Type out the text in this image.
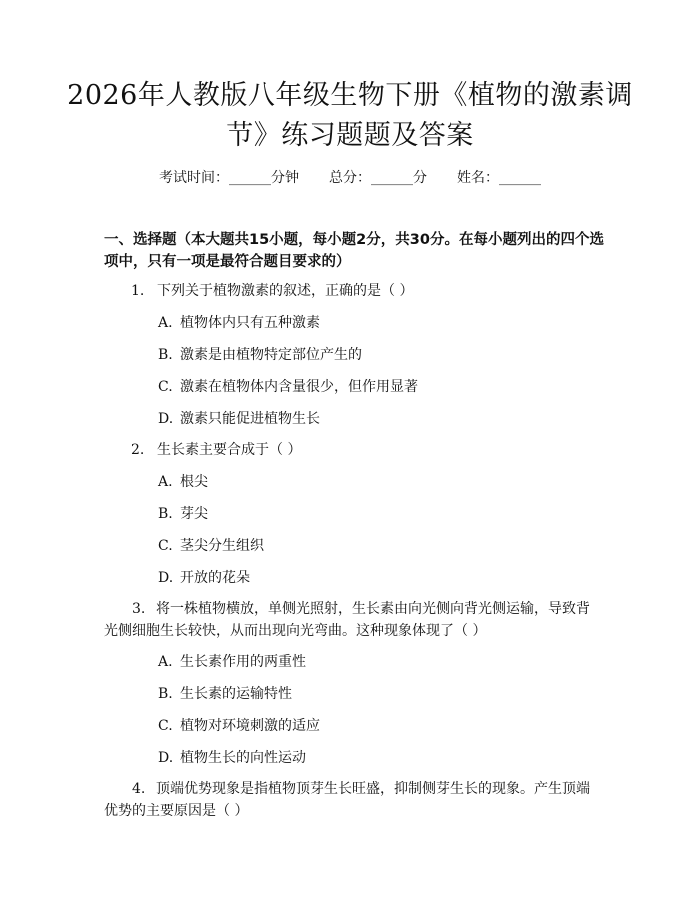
2026年人教版八年级生物下册《植物的激素调节》练习题题及答案
考试时间：______分钟 总分：______分 姓名：______
一、选择题（本大题共15小题，每小题2分，共30分。在每小题列出的四个选项中，只有一项是最符合题目要求的）
1. 下列关于植物激素的叙述，正确的是（ ）
A. 植物体内只有五种激素
B. 激素是由植物特定部位产生的
C. 激素在植物体内含量很少，但作用显著
D. 激素只能促进植物生长
2. 生长素主要合成于（ ）
A. 根尖
B. 芽尖
C. 茎尖分生组织
D. 开放的花朵
3. 将一株植物横放，单侧光照射，生长素由向光侧向背光侧运输，导致背光侧细胞生长较快，从而出现向光弯曲。这种现象体现了（ ）
A. 生长素作用的两重性
B. 生长素的运输特性
C. 植物对环境刺激的适应
D. 植物生长的向性运动
4. 顶端优势现象是指植物顶芽生长旺盛，抑制侧芽生长的现象。产生顶端优势的主要原因是（ ）
